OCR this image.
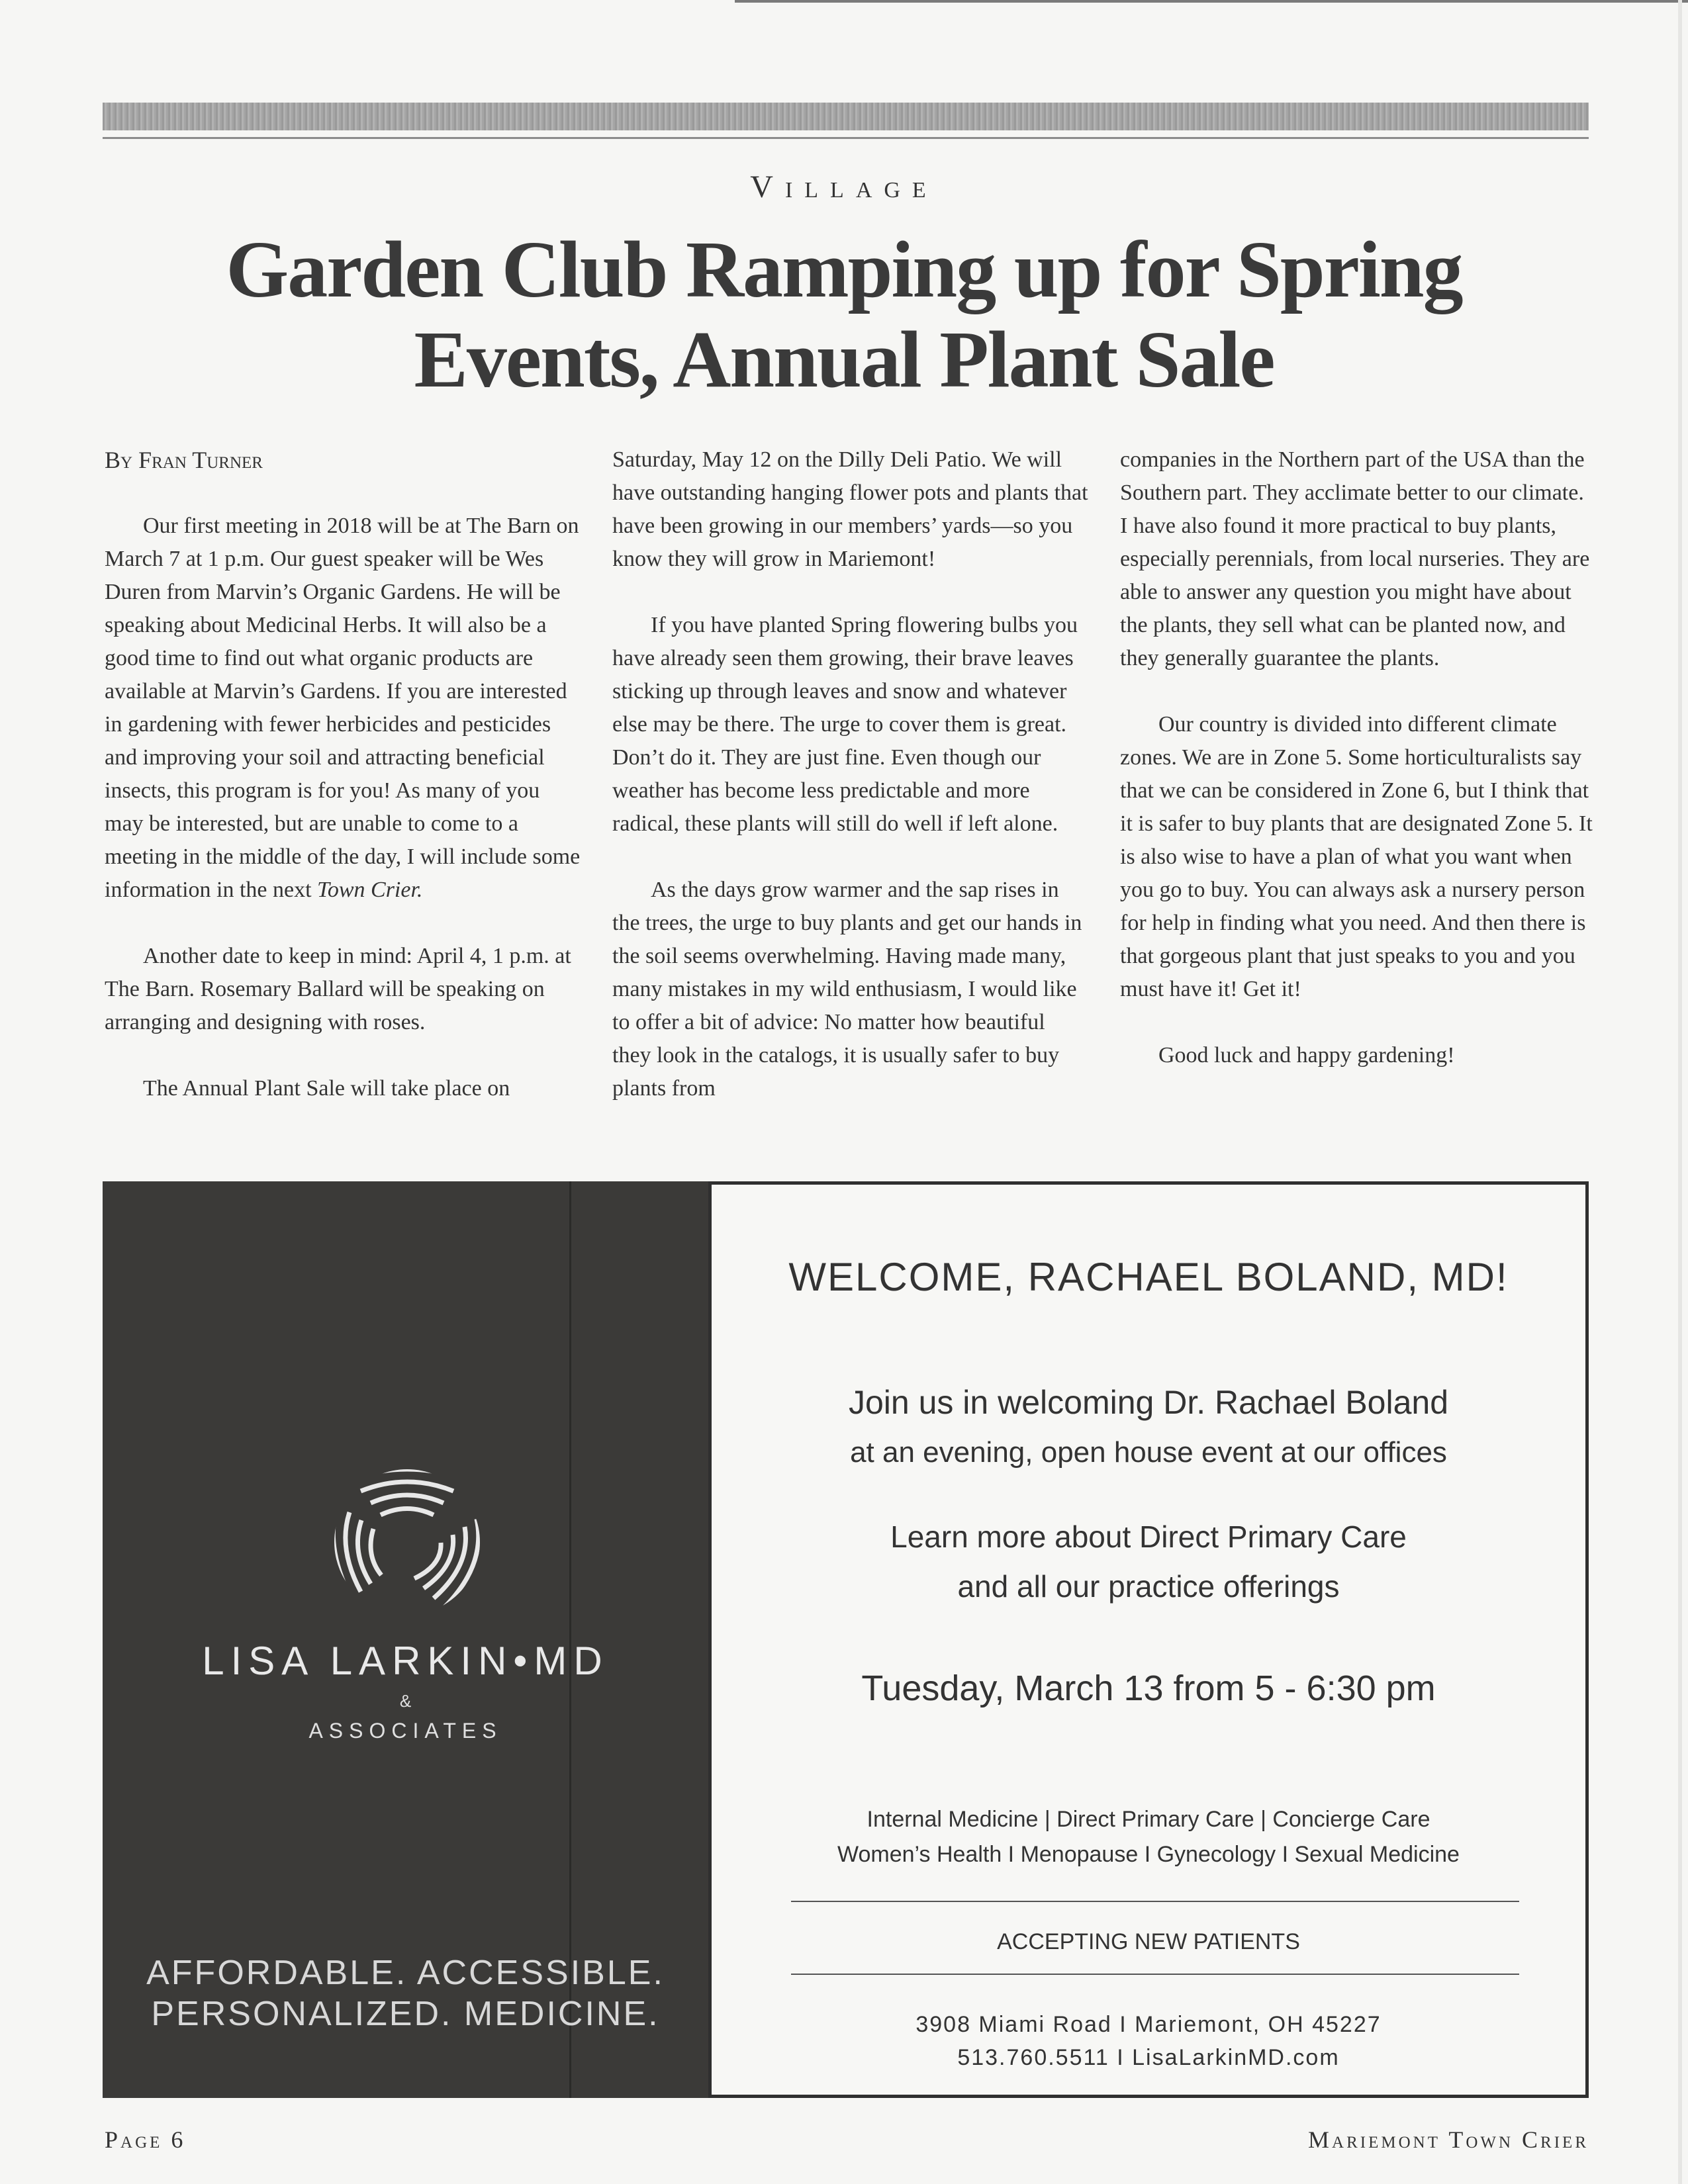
Village
Garden Club Ramping up for Spring Events, Annual Plant Sale
By Fran Turner

Our first meeting in 2018 will be at The Barn on March 7 at 1 p.m. Our guest speaker will be Wes Duren from Marvin’s Organic Gardens. He will be speaking about Medicinal Herbs. It will also be a good time to find out what organic products are available at Marvin’s Gardens. If you are interested in gardening with fewer herbicides and pesticides and improving your soil and attracting beneficial insects, this program is for you! As many of you may be interested, but are unable to come to a meeting in the middle of the day, I will include some information in the next Town Crier.

Another date to keep in mind: April 4, 1 p.m. at The Barn. Rosemary Ballard will be speaking on arranging and designing with roses.

The Annual Plant Sale will take place on

Saturday, May 12 on the Dilly Deli Patio. We will have outstanding hanging flower pots and plants that have been growing in our members’ yards—so you know they will grow in Mariemont!

If you have planted Spring flowering bulbs you have already seen them growing, their brave leaves sticking up through leaves and snow and whatever else may be there. The urge to cover them is great. Don’t do it. They are just fine. Even though our weather has become less predictable and more radical, these plants will still do well if left alone.

As the days grow warmer and the sap rises in the trees, the urge to buy plants and get our hands in the soil seems overwhelming. Having made many, many mistakes in my wild enthusiasm, I would like to offer a bit of advice: No matter how beautiful they look in the catalogs, it is usually safer to buy plants from

companies in the Northern part of the USA than the Southern part. They acclimate better to our climate. I have also found it more practical to buy plants, especially perennials, from local nurseries. They are able to answer any question you might have about the plants, they sell what can be planted now, and they generally guarantee the plants.

Our country is divided into different climate zones. We are in Zone 5. Some horticulturalists say that we can be considered in Zone 6, but I think that it is safer to buy plants that are designated Zone 5. It is also wise to have a plan of what you want when you go to buy. You can always ask a nursery person for help in finding what you need. And then there is that gorgeous plant that just speaks to you and you must have it! Get it!

Good luck and happy gardening!

LISA LARKIN•MD
&
ASSOCIATES
AFFORDABLE. ACCESSIBLE.
PERSONALIZED. MEDICINE.
WELCOME, RACHAEL BOLAND, MD!
Join us in welcoming Dr. Rachael Boland
at an evening, open house event at our offices
Learn more about Direct Primary Care
and all our practice offerings
Tuesday, March 13 from 5 - 6:30 pm
Internal Medicine | Direct Primary Care | Concierge Care
Women’s Health I Menopause I Gynecology I Sexual Medicine
ACCEPTING NEW PATIENTS
3908 Miami Road I Mariemont, OH 45227
513.760.5511 I LisaLarkinMD.com
Page 6	Mariemont Town Crier
